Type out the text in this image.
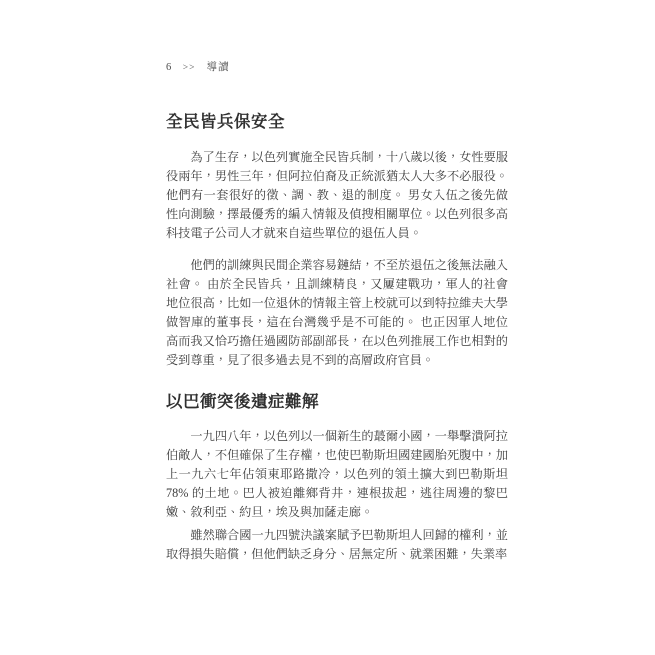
6 >> 導讀
全民皆兵保安全

為了生存，以色列實施全民皆兵制，十八歲以後，女性要服役兩年，男性三年，但阿拉伯裔及正統派猶太人大多不必服役。他們有一套很好的徵、調、教、退的制度。 男女入伍之後先做性向測驗，擇最優秀的編入情報及偵搜相關單位。以色列很多高科技電子公司人才就來自這些單位的退伍人員。

他們的訓練與民間企業容易鏈結，不至於退伍之後無法融入社會。 由於全民皆兵，且訓練精良，又屢建戰功，軍人的社會地位很高，比如一位退休的情報主管上校就可以到特拉維夫大學做智庫的董事長，這在台灣幾乎是不可能的。 也正因軍人地位高而我又恰巧擔任過國防部副部長，在以色列推展工作也相對的受到尊重，見了很多過去見不到的高層政府官員。

以巴衝突後遺症難解

一九四八年，以色列以一個新生的蕞爾小國，一舉擊潰阿拉伯敵人，不但確保了生存權，也使巴勒斯坦國建國胎死腹中，加上一九六七年佔領東耶路撒冷，以色列的領土擴大到巴勒斯坦 78% 的土地。巴人被迫離鄉背井，連根拔起，逃往周邊的黎巴嫩、敘利亞、約旦，埃及與加薩走廊。

雖然聯合國一九四號決議案賦予巴勒斯坦人回歸的權利，並取得損失賠償，但他們缺乏身分、居無定所、就業困難，失業率
